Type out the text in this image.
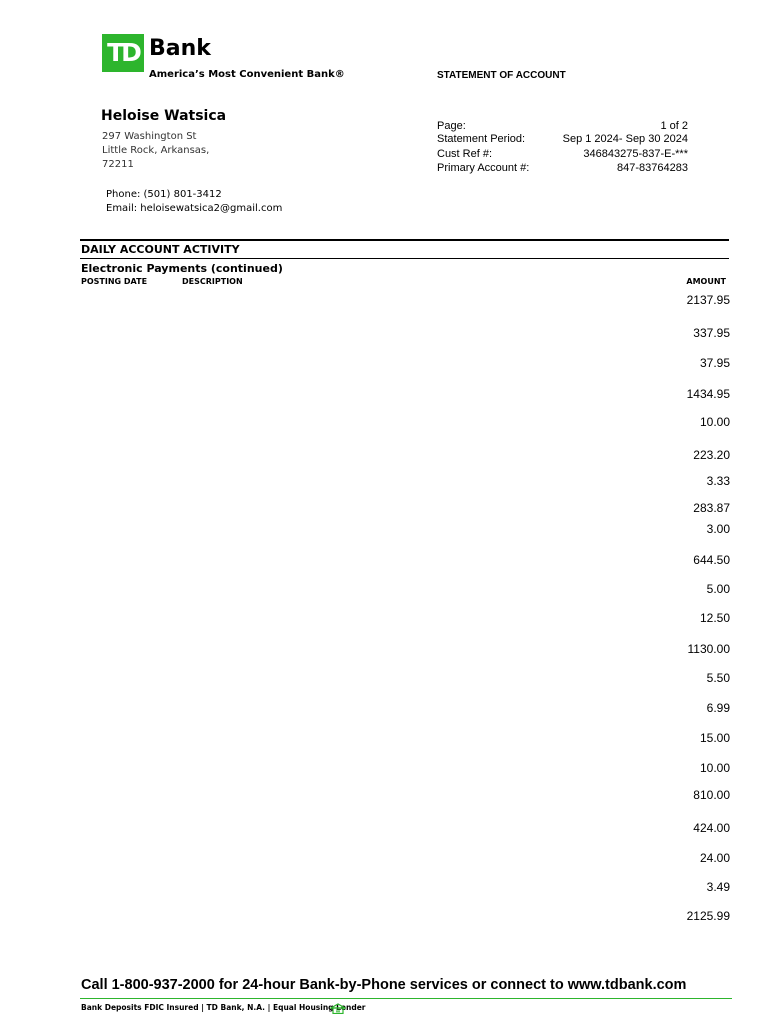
TD Bank
America’s Most Convenient Bank®	STATEMENT OF ACCOUNT
Heloise Watsica
297 Washington St
Little Rock, Arkansas,
72211
Phone: (501) 801-3412
Email: heloisewatsica2@gmail.com
Page:	1 of 2
Statement Period:	Sep 1 2024- Sep 30 2024
Cust Ref #:	346843275-837-E-***
Primary Account #:	847-83764283
DAILY ACCOUNT ACTIVITY
Electronic Payments (continued)
POSTING DATE	DESCRIPTION	AMOUNT
2137.95
337.95
37.95
1434.95
10.00
223.20
3.33
283.87
3.00
644.50
5.00
12.50
1130.00
5.50
6.99
15.00
10.00
810.00
424.00
24.00
3.49
2125.99
Call 1-800-937-2000 for 24-hour Bank-by-Phone services or connect to www.tdbank.com
Bank Deposits FDIC Insured | TD Bank, N.A. | Equal Housing Lender
